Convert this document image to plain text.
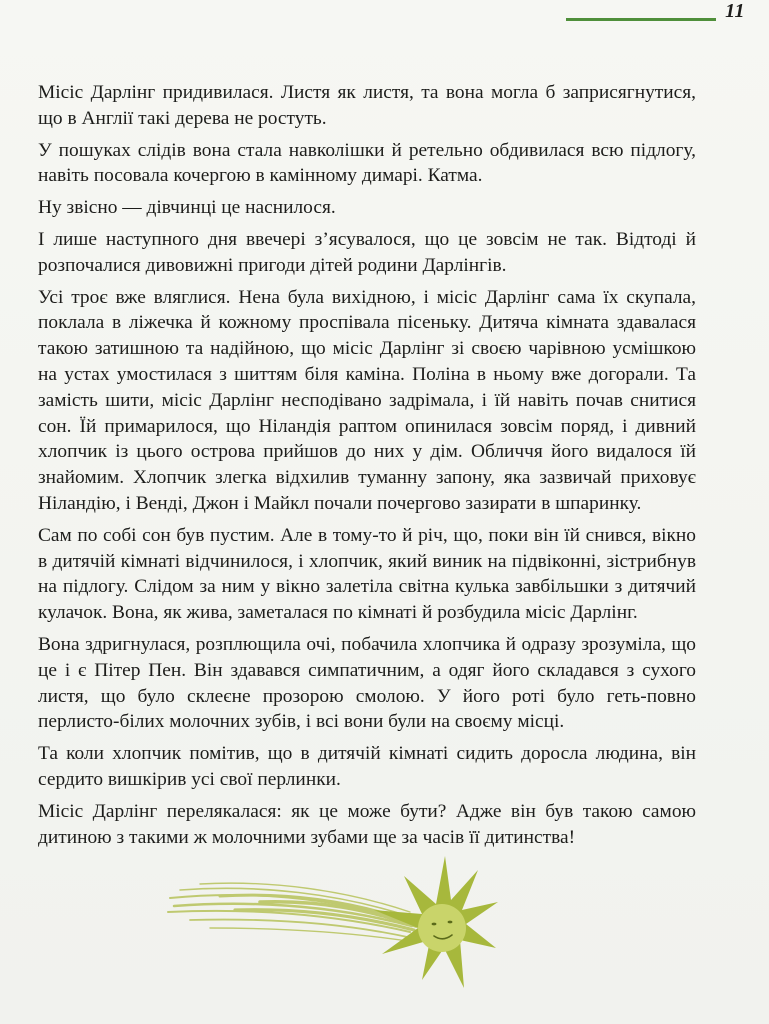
11

Місіс Дарлінг придивилася. Листя як листя, та вона могла б заприсягнутися, що в Англії такі дерева не ростуть.

У пошуках слідів вона стала навколішки й ретельно обдивилася всю підлогу, навіть посовала кочергою в камінному димарі. Катма.

Ну звісно — дівчинці це наснилося.

І лише наступного дня ввечері з’ясувалося, що це зовсім не так. Відтоді й розпочалися дивовижні пригоди дітей родини Дарлінгів.

Усі троє вже вляглися. Нена була вихідною, і місіс Дарлінг сама їх скупала, поклала в ліжечка й кожному проспівала пісеньку. Дитяча кімната здавалася такою затишною та надійною, що місіс Дарлінг зі своєю чарівною усмішкою на устах умостилася з шиттям біля каміна. Поліна в ньому вже догорали. Та замість шити, місіс Дарлінг несподівано задрімала, і їй навіть почав снитися сон. Їй примарилося, що Ніландія раптом опинилася зовсім поряд, і дивний хлопчик із цього острова прийшов до них у дім. Обличчя його видалося їй знайомим. Хлопчик злегка відхилив туманну запону, яка зазвичай приховує Ніландію, і Венді, Джон і Майкл почали почергово зазирати в шпаринку.

Сам по собі сон був пустим. Але в тому-то й річ, що, поки він їй снився, вікно в дитячій кімнаті відчинилося, і хлопчик, який виник на підвіконні, зістрибнув на підлогу. Слідом за ним у вікно залетіла світна кулька завбільшки з дитячий кулачок. Вона, як жива, заметалася по кімнаті й розбудила місіс Дарлінг.

Вона здригнулася, розплющила очі, побачила хлопчика й одразу зрозуміла, що це і є Пітер Пен. Він здавався симпатичним, а одяг його складався з сухого листя, що було склеєне прозорою смолою. У його роті було геть-повно перлисто-білих молочних зубів, і всі вони були на своєму місці.

Та коли хлопчик помітив, що в дитячій кімнаті сидить доросла людина, він сердито вишкірив усі свої перлинки.

Місіс Дарлінг перелякалася: як це може бути? Адже він був такою самою дитиною з такими ж молочними зубами ще за часів її дитинства!
